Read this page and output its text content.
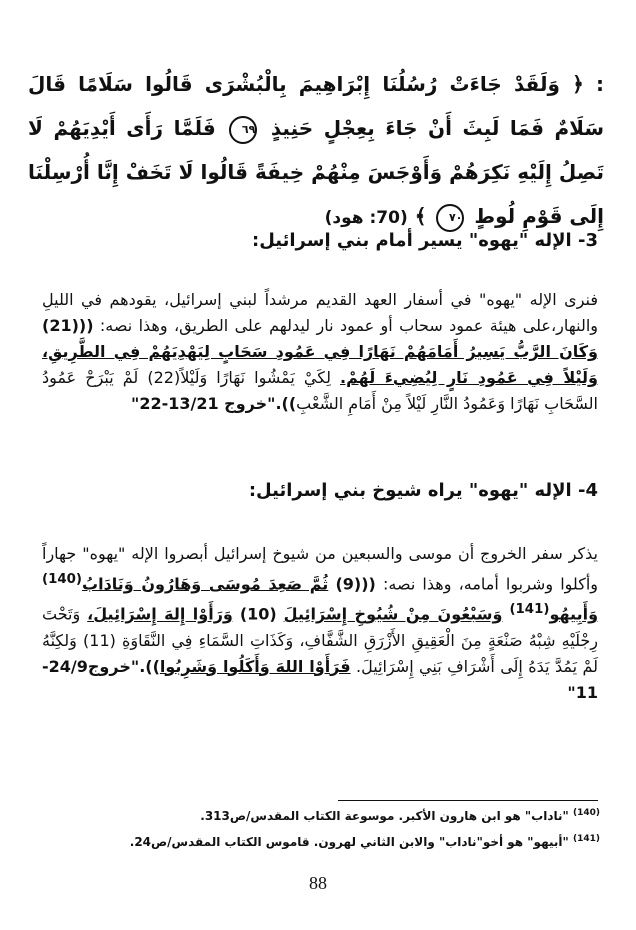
: ﴿ وَلَقَدْ جَاءَتْ رُسُلُنَا إِبْرَاهِيمَ بِالْبُشْرَى قَالُوا سَلَامًا قَالَ سَلَامٌ فَمَا لَبِثَ أَنْ جَاءَ بِعِجْلٍ حَنِيذٍ ٦٩ فَلَمَّا رَأَى أَيْدِيَهُمْ لَا تَصِلُ إِلَيْهِ نَكِرَهُمْ وَأَوْجَسَ مِنْهُمْ خِيفَةً قَالُوا لَا تَخَفْ إِنَّا أُرْسِلْنَا إِلَى قَوْمِ لُوطٍ ٧٠ ﴾ (70: هود)
3- الإله "يهوه" يسير أمام بني إسرائيل:
فنرى الإله "يهوه" في أسفار العهد القديم مرشداً لبني إسرائيل، يقودهم في الليلِ والنهار،على هيئة عمود سحاب أو عمود نار ليدلهم على الطريق، وهذا نصه: (((21) وَكَانَ الرَّبُّ يَسِيرُ أَمَامَهُمْ نَهَارًا فِي عَمُودِ سَحَابٍ لِيَهْدِيَهُمْ فِي الطَّرِيقِ، وَلَيْلاً فِي عَمُودِ نَارٍ لِيُضِيءَ لَهُمْ. لِكَيْ يَمْشُوا نَهَارًا وَلَيْلاً(22) لَمْ يَبْرَحْ عَمُودُ السَّحَابِ نَهَارًا وَعَمُودُ النَّارِ لَيْلاً مِنْ أَمَامِ الشَّعْبِ))."خروج 13/21-22"
4- الإله "يهوه" يراه شيوخ بني إسرائيل:
يذكر سفر الخروج أن موسى والسبعين من شيوخ إسرائيل أبصروا الإله "يهوه" جهاراً وأكلوا وشربوا أمامه، وهذا نصه: (((9) ثُمَّ صَعِدَ مُوسَى وَهَارُونُ وَنَادَابُ$^{(140)}$ وَأَبِيهُو$^{(141)}$ وَسَبْعُونَ مِنْ شُيُوخِ إِسْرَائِيلَ (10) وَرَأَوْا إِلهَ إِسْرَائِيلَ، وَتَحْتَ رِجْلَيْهِ شِبْهُ صَنْعَةٍ مِنَ الْعَقِيقِ الأَزْرَقِ الشَّفَّافِ، وَكَذَاتِ السَّمَاءِ فِي النَّقَاوَةِ (11) وَلكِنَّهُ لَمْ يَمُدَّ يَدَهُ إِلَى أَشْرَافِ بَنِي إِسْرَائِيلَ. فَرَأَوْا اللهَ وَأَكَلُوا وَشَرِبُوا))."خروج24/9-11"
$^{(140)}$ "ناداب" هو ابن هارون الأكبر. موسوعة الكتاب المقدس/ص313.
$^{(141)}$ "أبيهو" هو أخو"ناداب" والابن الثاني لهرون. قاموس الكتاب المقدس/ص24.
88
